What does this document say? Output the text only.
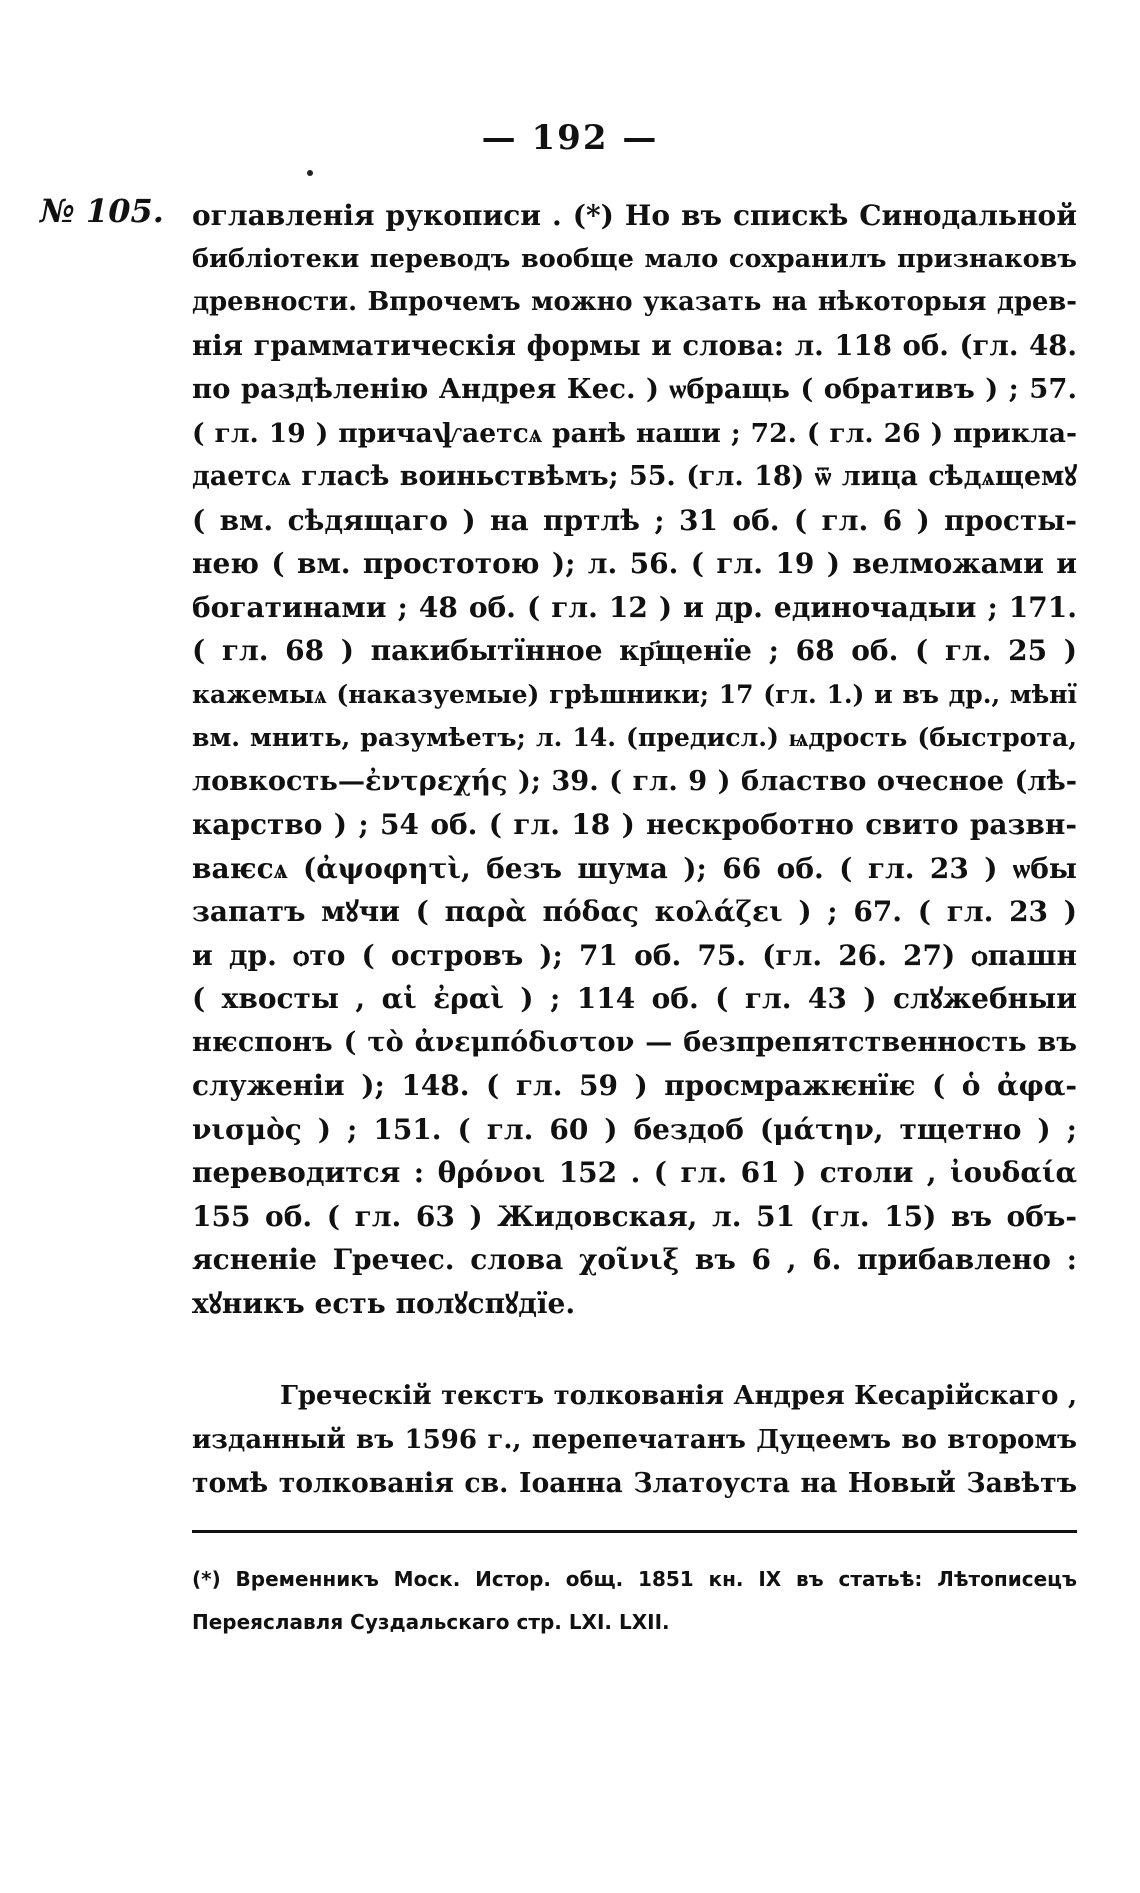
— 192 —
№ 105. оглавленія рукописи . (*) Но въ спискѣ Синодальной
библіотеки переводъ вообще мало сохранилъ признаковъ
древности. Впрочемъ можно указать на нѣкоторыя древ-
нія грамматическія формы и слова: л. 118 об. (гл. 48.
по раздѣленію Андрея Кес. ) ѡбращь ( обративъ ) ; 57.
( гл. 19 ) причаѱаетсѧ ранѣ наши ; 72. ( гл. 26 ) прикла-
даетсѧ гласѣ воиньствѣмъ; 55. (гл. 18) ѿ лица сѣдѧщемꙋ
( вм. сѣдящаго ) на пртлѣ ; 31 об. ( гл. 6 ) просты-
нею ( вм. простотою ); л. 56. ( гл. 19 ) велможами и
богатинами ; 48 об. ( гл. 12 ) и др. единочадыи ; 171.
( гл. 68 ) пакибытїнное кр҃щенїе ; 68 об. ( гл. 25 )
кажемыѧ (наказуемые) грѣшники; 17 (гл. 1.) и въ др., мѣнї
вм. мнить, разумѣетъ; л. 14. (предисл.) ѩдрость (быстрота,
ловкость—ἐντρεχής ); 39. ( гл. 9 ) бластво очесное (лѣ-
карство ) ; 54 об. ( гл. 18 ) нескроботно свито развн-
ваѥсѧ (ἀψοφητὶ, безъ шума ); 66 об. ( гл. 23 ) ѡбы
запатъ мꙋчи ( παρὰ πόδας κολάζει ) ; 67. ( гл. 23 )
и др. ѻто ( островъ ); 71 об. 75. (гл. 26. 27) ѻпашн
( хвосты , αἱ ἐραὶ ) ; 114 об. ( гл. 43 ) слꙋжебныи
нѥспонъ ( τὸ ἀνεμπόδιστον — безпрепятственность въ
служеніи ); 148. ( гл. 59 ) просмражѥнїѥ ( ὁ ἀφα-
νισμὸς ) ; 151. ( гл. 60 ) бездоб (μάτην, тщетно ) ;
переводится : θρόνοι 152 . ( гл. 61 ) столи , ἰουδαία
155 об. ( гл. 63 ) Жидовская, л. 51 (гл. 15) въ объ-
ясненіе Гречес. слова χοῖνιξ въ 6 , 6. прибавлено :
хꙋникъ есть полꙋспꙋдїе.
Греческій текстъ толкованія Андрея Кесарійскаго ,
изданный въ 1596 г., перепечатанъ Дуцеемъ во второмъ
томѣ толкованія св. Іоанна Златоуста на Новый Завѣтъ
(*) Временникъ Моск. Истор. общ. 1851 кн. IX въ статьѣ: Лѣтописецъ
Переяславля Суздальскаго стр. LXI. LXII.
